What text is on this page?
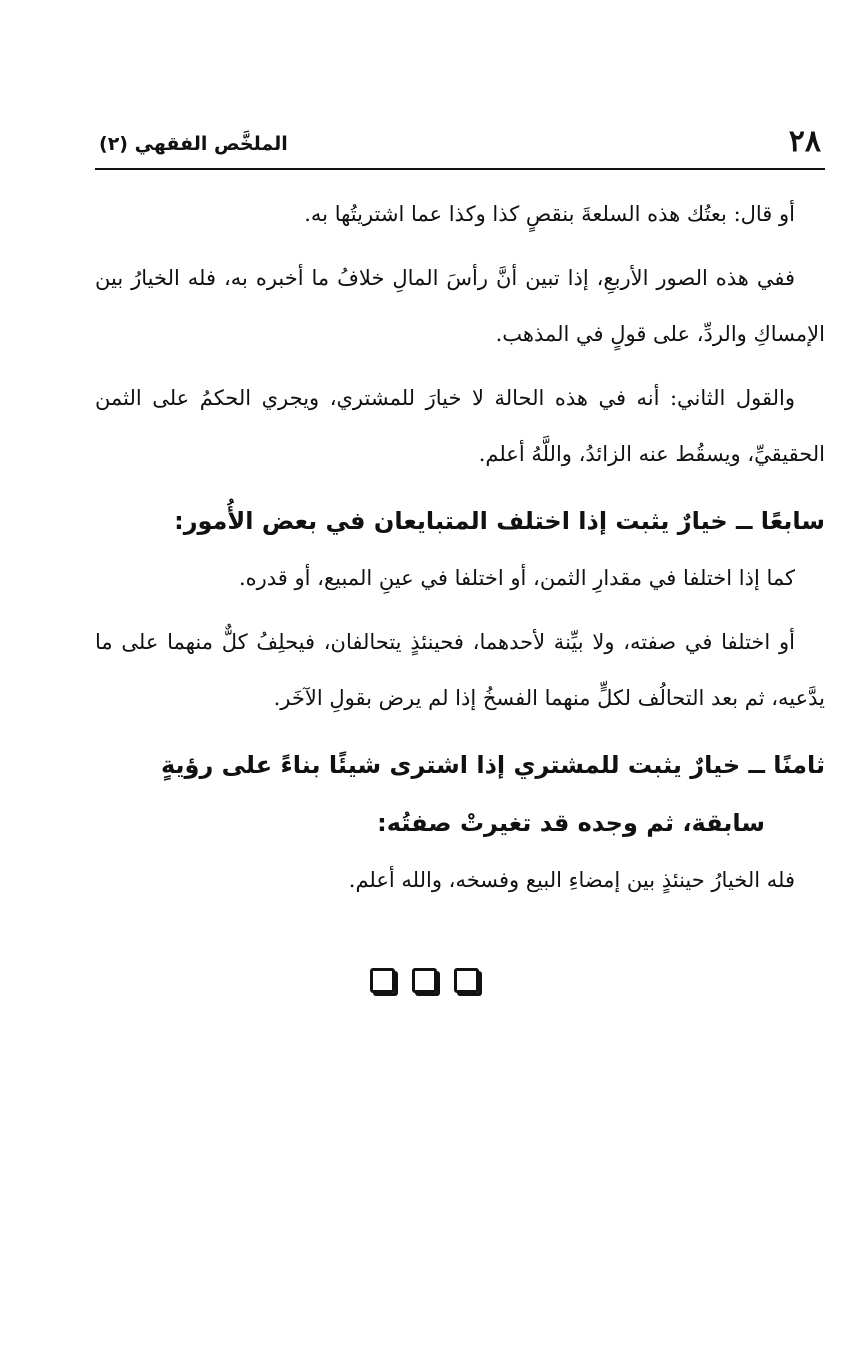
٢٨
الملخَّص الفقهي (٢)

أو قال: بعتُك هذه السلعةَ بنقصٍ كذا وكذا عما اشتريتُها به.

ففي هذه الصور الأربعِ، إذا تبين أنَّ رأسَ المالِ خلافُ ما أخبره به، فله الخيارُ بين الإمساكِ والردِّ، على قولٍ في المذهب.

والقول الثاني: أنه في هذه الحالة لا خيارَ للمشتري، ويجري الحكمُ على الثمن الحقيقيِّ، ويسقُط عنه الزائدُ، واللَّهُ أعلم.

سابعًا ــ خيارٌ يثبت إذا اختلف المتبايعان في بعض الأُمور:

كما إذا اختلفا في مقدارِ الثمن، أو اختلفا في عينِ المبيع، أو قدره.

أو اختلفا في صفته، ولا بيِّنة لأحدهما، فحينئذٍ يتحالفان، فيحلِفُ كلٌّ منهما على ما يدَّعيه، ثم بعد التحالُف لكلٍّ منهما الفسخُ إذا لم يرض بقولِ الآخَر.

ثامنًا ــ خيارٌ يثبت للمشتري إذا اشترى شيئًا بناءً على رؤيةٍ

سابقة، ثم وجده قد تغيرتْ صفتُه:

فله الخيارُ حينئذٍ بين إمضاءِ البيع وفسخه، والله أعلم.
